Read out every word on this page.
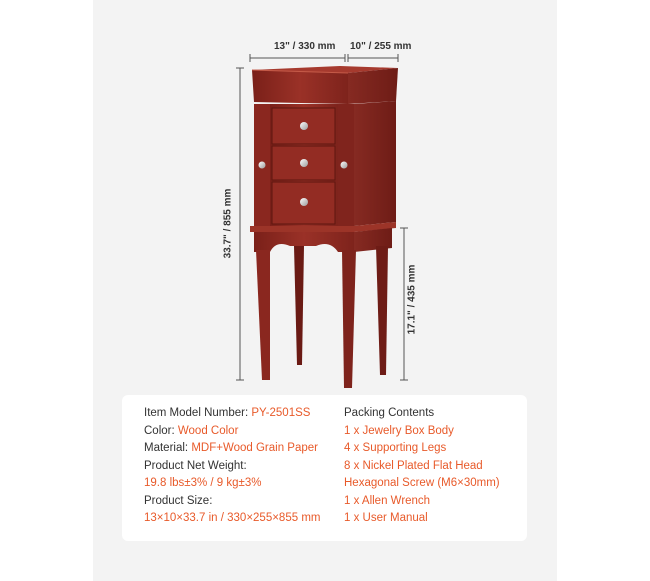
13" / 330 mm 10" / 255 mm
33.7" / 855 mm
17.1" / 435 mm
Item Model Number: PY-2501SS
Color: Wood Color
Material: MDF+Wood Grain Paper
Product Net Weight:
19.8 lbs±3% / 9 kg±3%
Product Size:
13×10×33.7 in / 330×255×855 mm
Packing Contents
1 x Jewelry Box Body
4 x Supporting Legs
8 x Nickel Plated Flat Head
Hexagonal Screw (M6×30mm)
1 x Allen Wrench
1 x User Manual
